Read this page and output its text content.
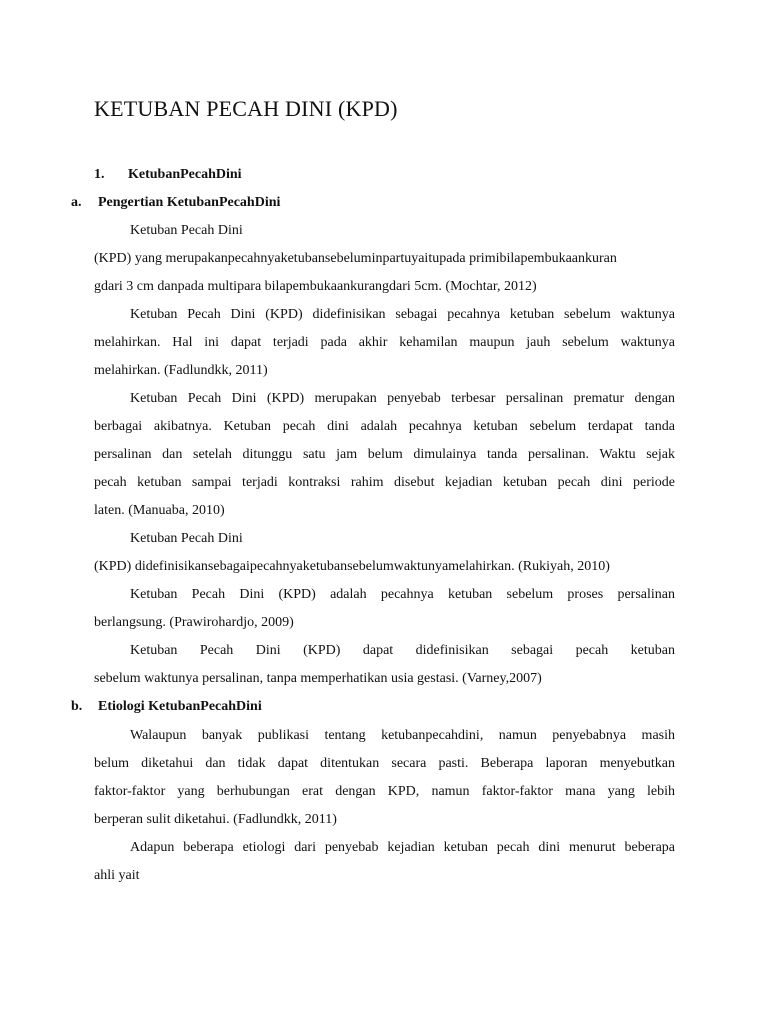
KETUBAN PECAH DINI (KPD)
1. KetubanPecahDini
a. Pengertian KetubanPecahDini
Ketuban Pecah Dini
(KPD) yang merupakanpecahnyaketubansebeluminpartuyaitupada primibilapembukaankuran
gdari 3 cm danpada multipara bilapembukaankurangdari 5cm. (Mochtar, 2012)
Ketuban Pecah Dini (KPD) didefinisikan sebagai pecahnya ketuban sebelum waktunya
melahirkan. Hal ini dapat terjadi pada akhir kehamilan maupun jauh sebelum waktunya
melahirkan. (Fadlundkk, 2011)
Ketuban Pecah Dini (KPD) merupakan penyebab terbesar persalinan prematur dengan
berbagai akibatnya. Ketuban pecah dini adalah pecahnya ketuban sebelum terdapat tanda
persalinan dan setelah ditunggu satu jam belum dimulainya tanda persalinan. Waktu sejak
pecah ketuban sampai terjadi kontraksi rahim disebut kejadian ketuban pecah dini periode
laten. (Manuaba, 2010)
Ketuban Pecah Dini
(KPD) didefinisikansebagaipecahnyaketubansebelumwaktunyamelahirkan. (Rukiyah, 2010)
Ketuban Pecah Dini (KPD) adalah pecahnya ketuban sebelum proses persalinan
berlangsung. (Prawirohardjo, 2009)
Ketuban Pecah Dini (KPD) dapat didefinisikan sebagai pecah ketuban
sebelum waktunya persalinan, tanpa memperhatikan usia gestasi. (Varney,2007)
b. Etiologi KetubanPecahDini
Walaupun banyak publikasi tentang ketubanpecahdini, namun penyebabnya masih
belum diketahui dan tidak dapat ditentukan secara pasti. Beberapa laporan menyebutkan
faktor-faktor yang berhubungan erat dengan KPD, namun faktor-faktor mana yang lebih
berperan sulit diketahui. (Fadlundkk, 2011)
Adapun beberapa etiologi dari penyebab kejadian ketuban pecah dini menurut beberapa
ahli yait
